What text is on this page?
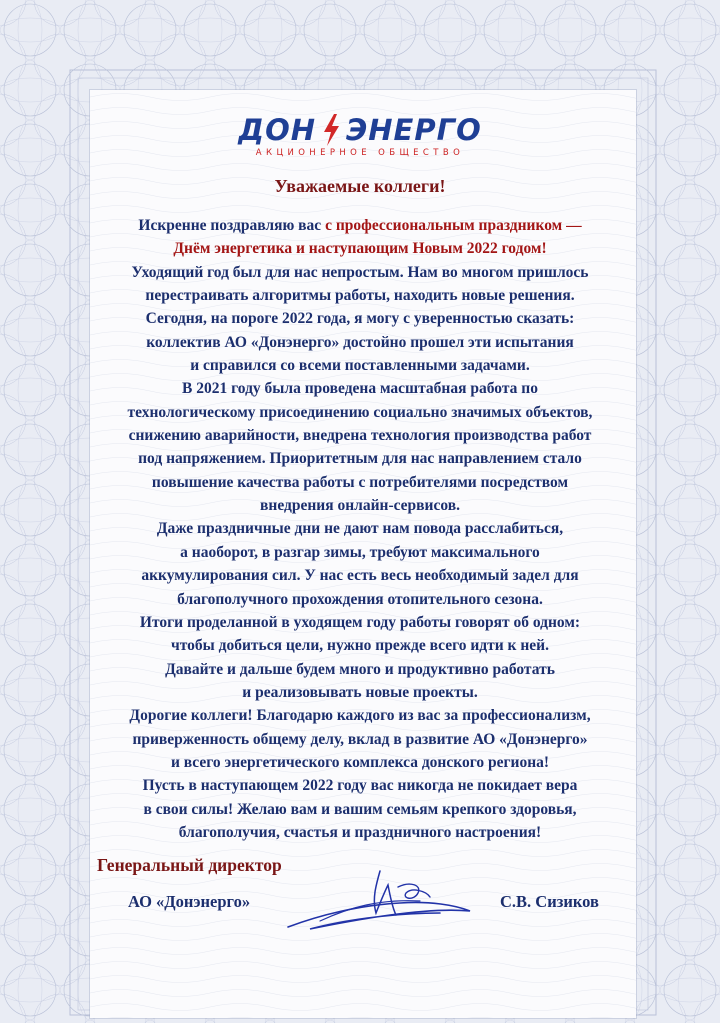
ДОН ЭНЕРГО
АКЦИОНЕРНОЕ ОБЩЕСТВО
Уважаемые коллеги!

Искренне поздравляю вас с профессиональным праздником —
Днём энергетика и наступающим Новым 2022 годом!
Уходящий год был для нас непростым. Нам во многом пришлось
перестраивать алгоритмы работы, находить новые решения.
Сегодня, на пороге 2022 года, я могу с уверенностью сказать:
коллектив АО «Донэнерго» достойно прошел эти испытания
и справился со всеми поставленными задачами.
В 2021 году была проведена масштабная работа по
технологическому присоединению социально значимых объектов,
снижению аварийности, внедрена технология производства работ
под напряжением. Приоритетным для нас направлением стало
повышение качества работы с потребителями посредством
внедрения онлайн-сервисов.
Даже праздничные дни не дают нам повода расслабиться,
а наоборот, в разгар зимы, требуют максимального
аккумулирования сил. У нас есть весь необходимый задел для
благополучного прохождения отопительного сезона.
Итоги проделанной в уходящем году работы говорят об одном:
чтобы добиться цели, нужно прежде всего идти к ней.
Давайте и дальше будем много и продуктивно работать
и реализовывать новые проекты.
Дорогие коллеги! Благодарю каждого из вас за профессионализм,
приверженность общему делу, вклад в развитие АО «Донэнерго»
и всего энергетического комплекса донского региона!
Пусть в наступающем 2022 году вас никогда не покидает вера
в свои силы! Желаю вам и вашим семьям крепкого здоровья,
благополучия, счастья и праздничного настроения!

Генеральный директор
АО «Донэнерго»	С.В. Сизиков
